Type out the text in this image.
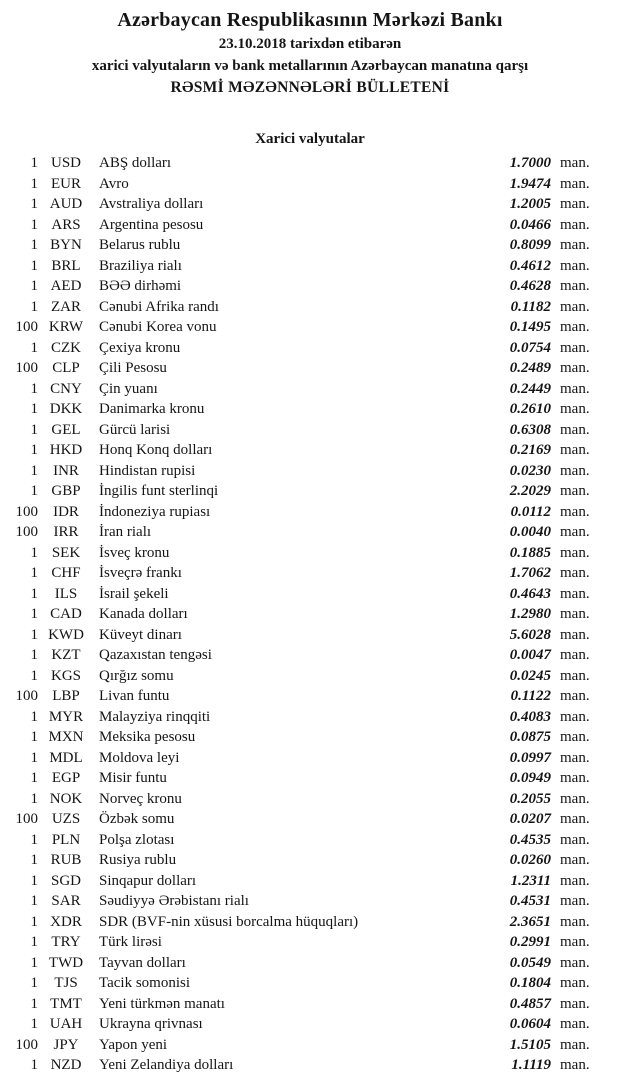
Azərbaycan Respublikasının Mərkəzi Bankı
23.10.2018 tarixdən etibarən
xarici valyutaların və bank metallarının Azərbaycan manatına qarşı
RƏSMİ MƏZƏNNƏLƏRİ BÜLLETENİ
Xarici valyutalar
1 USD	ABŞ dolları	1.7000 man.
1 EUR	Avro	1.9474 man.
1 AUD	Avstraliya dolları	1.2005 man.
1 ARS	Argentina pesosu	0.0466 man.
1 BYN	Belarus rublu	0.8099 man.
1 BRL	Braziliya rialı	0.4612 man.
1 AED	BƏƏ dirhəmi	0.4628 man.
1 ZAR	Cənubi Afrika randı	0.1182 man.
100 KRW	Cənubi Korea vonu	0.1495 man.
1 CZK	Çexiya kronu	0.0754 man.
100 CLP	Çili Pesosu	0.2489 man.
1 CNY	Çin yuanı	0.2449 man.
1 DKK	Danimarka kronu	0.2610 man.
1 GEL	Gürcü larisi	0.6308 man.
1 HKD	Honq Konq dolları	0.2169 man.
1	INR	Hindistan rupisi	0.0230 man.
1 GBP	İngilis funt sterlinqi	2.2029 man.
100	IDR	İndoneziya rupiası	0.0112 man.
100	IRR	İran rialı	0.0040 man.
1 SEK	İsveç kronu	0.1885 man.
1 CHF	İsveçrə frankı	1.7062 man.
1	ILS	İsrail şekeli	0.4643 man.
1 CAD	Kanada dolları	1.2980 man.
1 KWD	Küveyt dinarı	5.6028 man.
1 KZT	Qazaxıstan tengəsi	0.0047 man.
1 KGS	Qırğız somu	0.0245 man.
100 LBP	Livan funtu	0.1122 man.
1 MYR	Malayziya rinqqiti	0.4083 man.
1 MXN	Meksika pesosu	0.0875 man.
1 MDL	Moldova leyi	0.0997 man.
1 EGP	Misir funtu	0.0949 man.
1 NOK	Norveç kronu	0.2055 man.
100 UZS	Özbək somu	0.0207 man.
1 PLN	Polşa zlotası	0.4535 man.
1 RUB	Rusiya rublu	0.0260 man.
1 SGD	Sinqapur dolları	1.2311 man.
1 SAR	Səudiyyə Ərəbistanı rialı	0.4531 man.
1 XDR	SDR (BVF-nin xüsusi borcalma hüquqları)	2.3651 man.
1 TRY	Türk lirəsi	0.2991 man.
1 TWD	Tayvan dolları	0.0549 man.
1	TJS	Tacik somonisi	0.1804 man.
1 TMT	Yeni türkmən manatı	0.4857 man.
1 UAH	Ukrayna qrivnası	0.0604 man.
100	JPY	Yapon yeni	1.5105 man.
1 NZD	Yeni Zelandiya dolları	1.1119 man.
